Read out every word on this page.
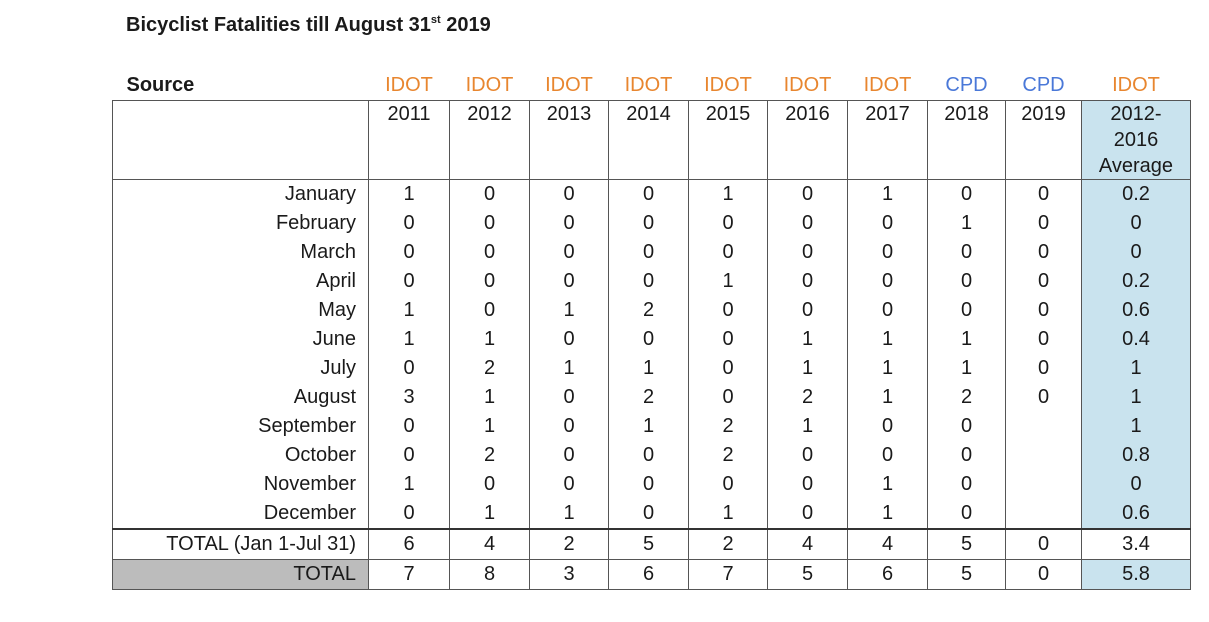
Bicyclist Fatalities till August 31st 2019
Source	IDOT	IDOT	IDOT	IDOT	IDOT	IDOT	IDOT	CPD	CPD	IDOT
	2011	2012	2013	2014	2015	2016	2017	2018	2019	2012-
2016
Average

January	1	0	0	0	1	0	1	0	0	0.2
February	0	0	0	0	0	0	0	1	0	0
March	0	0	0	0	0	0	0	0	0	0
April	0	0	0	0	1	0	0	0	0	0.2
May	1	0	1	2	0	0	0	0	0	0.6
June	1	1	0	0	0	1	1	1	0	0.4
July	0	2	1	1	0	1	1	1	0	1
August	3	1	0	2	0	2	1	2	0	1
September	0	1	0	1	2	1	0	0		1
October	0	2	0	0	2	0	0	0		0.8
November	1	0	0	0	0	0	1	0		0
December	0	1	1	0	1	0	1	0		0.6
TOTAL (Jan 1-Jul 31)	6	4	2	5	2	4	4	5	0	3.4
TOTAL	7	8	3	6	7	5	6	5	0	5.8
